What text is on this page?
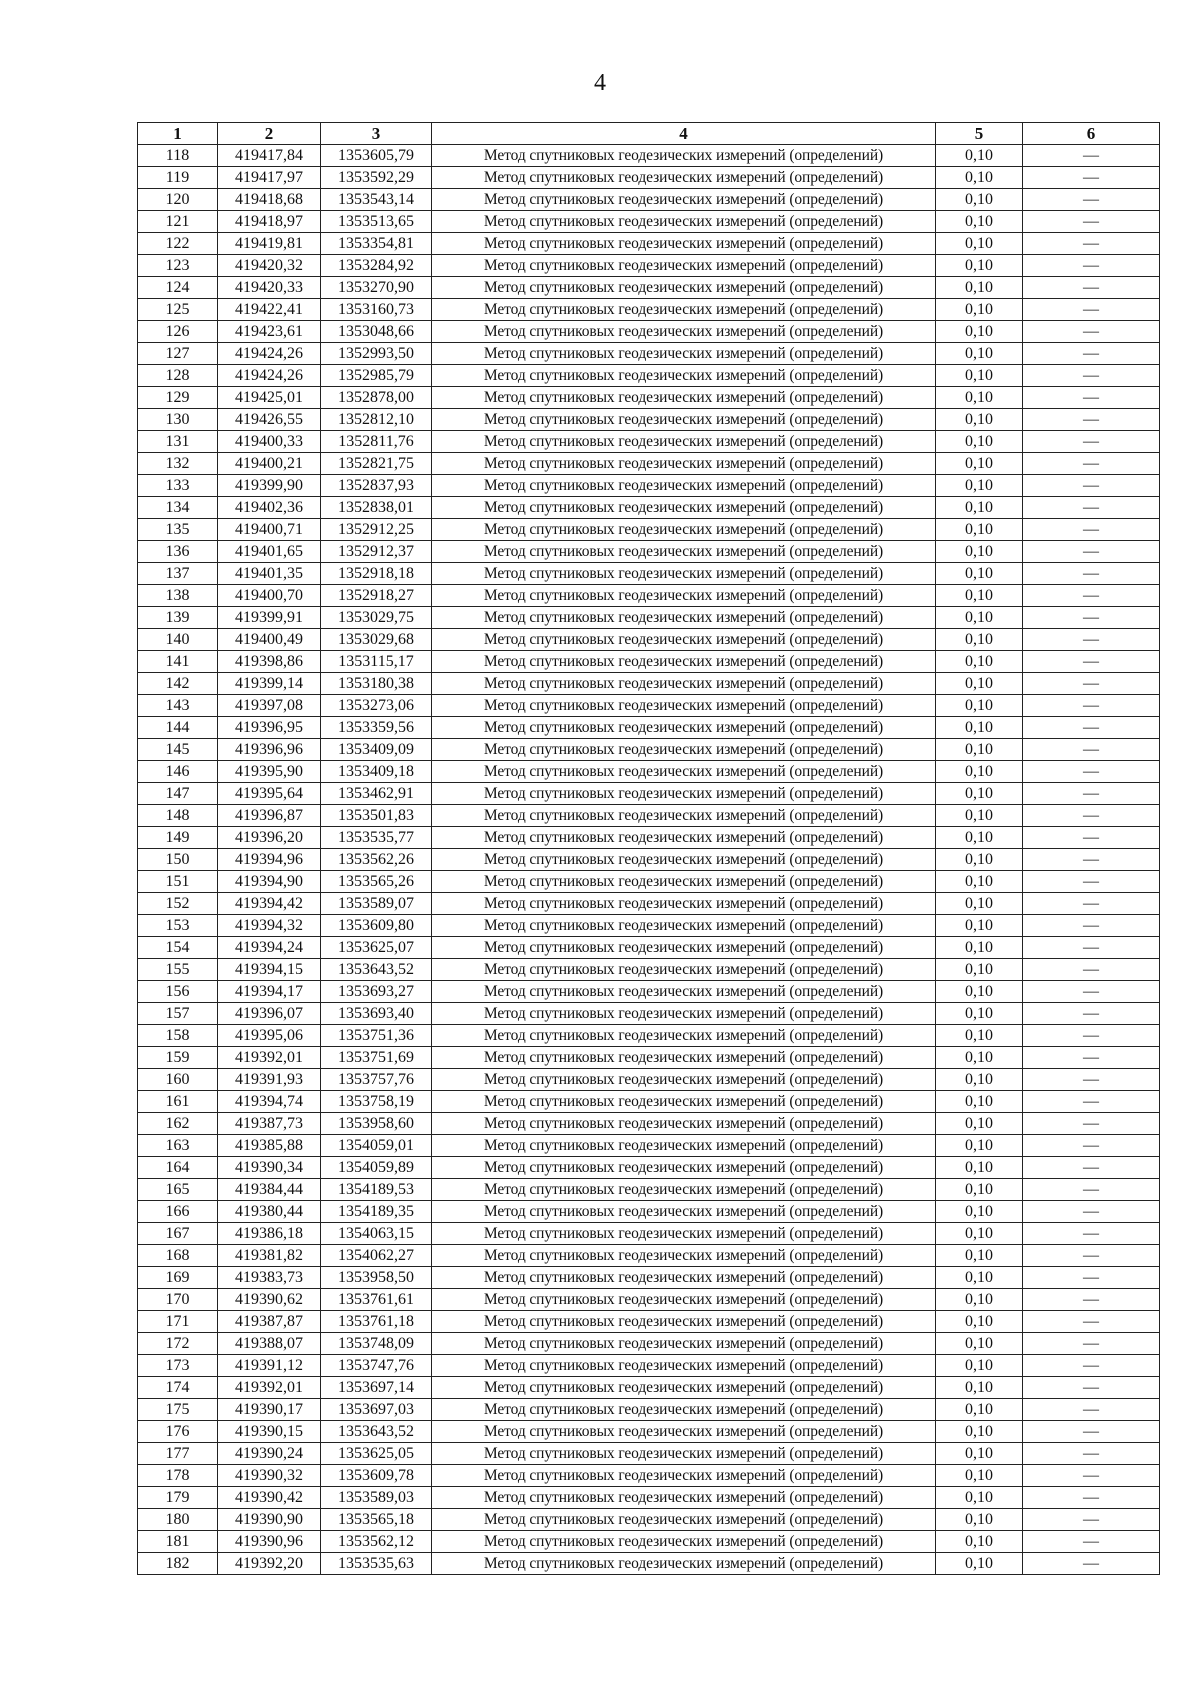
4
1	2	3	4	5	6
118	419417,84	1353605,79	Метод спутниковых геодезических измерений (определений)	0,10	—
119	419417,97	1353592,29	Метод спутниковых геодезических измерений (определений)	0,10	—
120	419418,68	1353543,14	Метод спутниковых геодезических измерений (определений)	0,10	—
121	419418,97	1353513,65	Метод спутниковых геодезических измерений (определений)	0,10	—
122	419419,81	1353354,81	Метод спутниковых геодезических измерений (определений)	0,10	—
123	419420,32	1353284,92	Метод спутниковых геодезических измерений (определений)	0,10	—
124	419420,33	1353270,90	Метод спутниковых геодезических измерений (определений)	0,10	—
125	419422,41	1353160,73	Метод спутниковых геодезических измерений (определений)	0,10	—
126	419423,61	1353048,66	Метод спутниковых геодезических измерений (определений)	0,10	—
127	419424,26	1352993,50	Метод спутниковых геодезических измерений (определений)	0,10	—
128	419424,26	1352985,79	Метод спутниковых геодезических измерений (определений)	0,10	—
129	419425,01	1352878,00	Метод спутниковых геодезических измерений (определений)	0,10	—
130	419426,55	1352812,10	Метод спутниковых геодезических измерений (определений)	0,10	—
131	419400,33	1352811,76	Метод спутниковых геодезических измерений (определений)	0,10	—
132	419400,21	1352821,75	Метод спутниковых геодезических измерений (определений)	0,10	—
133	419399,90	1352837,93	Метод спутниковых геодезических измерений (определений)	0,10	—
134	419402,36	1352838,01	Метод спутниковых геодезических измерений (определений)	0,10	—
135	419400,71	1352912,25	Метод спутниковых геодезических измерений (определений)	0,10	—
136	419401,65	1352912,37	Метод спутниковых геодезических измерений (определений)	0,10	—
137	419401,35	1352918,18	Метод спутниковых геодезических измерений (определений)	0,10	—
138	419400,70	1352918,27	Метод спутниковых геодезических измерений (определений)	0,10	—
139	419399,91	1353029,75	Метод спутниковых геодезических измерений (определений)	0,10	—
140	419400,49	1353029,68	Метод спутниковых геодезических измерений (определений)	0,10	—
141	419398,86	1353115,17	Метод спутниковых геодезических измерений (определений)	0,10	—
142	419399,14	1353180,38	Метод спутниковых геодезических измерений (определений)	0,10	—
143	419397,08	1353273,06	Метод спутниковых геодезических измерений (определений)	0,10	—
144	419396,95	1353359,56	Метод спутниковых геодезических измерений (определений)	0,10	—
145	419396,96	1353409,09	Метод спутниковых геодезических измерений (определений)	0,10	—
146	419395,90	1353409,18	Метод спутниковых геодезических измерений (определений)	0,10	—
147	419395,64	1353462,91	Метод спутниковых геодезических измерений (определений)	0,10	—
148	419396,87	1353501,83	Метод спутниковых геодезических измерений (определений)	0,10	—
149	419396,20	1353535,77	Метод спутниковых геодезических измерений (определений)	0,10	—
150	419394,96	1353562,26	Метод спутниковых геодезических измерений (определений)	0,10	—
151	419394,90	1353565,26	Метод спутниковых геодезических измерений (определений)	0,10	—
152	419394,42	1353589,07	Метод спутниковых геодезических измерений (определений)	0,10	—
153	419394,32	1353609,80	Метод спутниковых геодезических измерений (определений)	0,10	—
154	419394,24	1353625,07	Метод спутниковых геодезических измерений (определений)	0,10	—
155	419394,15	1353643,52	Метод спутниковых геодезических измерений (определений)	0,10	—
156	419394,17	1353693,27	Метод спутниковых геодезических измерений (определений)	0,10	—
157	419396,07	1353693,40	Метод спутниковых геодезических измерений (определений)	0,10	—
158	419395,06	1353751,36	Метод спутниковых геодезических измерений (определений)	0,10	—
159	419392,01	1353751,69	Метод спутниковых геодезических измерений (определений)	0,10	—
160	419391,93	1353757,76	Метод спутниковых геодезических измерений (определений)	0,10	—
161	419394,74	1353758,19	Метод спутниковых геодезических измерений (определений)	0,10	—
162	419387,73	1353958,60	Метод спутниковых геодезических измерений (определений)	0,10	—
163	419385,88	1354059,01	Метод спутниковых геодезических измерений (определений)	0,10	—
164	419390,34	1354059,89	Метод спутниковых геодезических измерений (определений)	0,10	—
165	419384,44	1354189,53	Метод спутниковых геодезических измерений (определений)	0,10	—
166	419380,44	1354189,35	Метод спутниковых геодезических измерений (определений)	0,10	—
167	419386,18	1354063,15	Метод спутниковых геодезических измерений (определений)	0,10	—
168	419381,82	1354062,27	Метод спутниковых геодезических измерений (определений)	0,10	—
169	419383,73	1353958,50	Метод спутниковых геодезических измерений (определений)	0,10	—
170	419390,62	1353761,61	Метод спутниковых геодезических измерений (определений)	0,10	—
171	419387,87	1353761,18	Метод спутниковых геодезических измерений (определений)	0,10	—
172	419388,07	1353748,09	Метод спутниковых геодезических измерений (определений)	0,10	—
173	419391,12	1353747,76	Метод спутниковых геодезических измерений (определений)	0,10	—
174	419392,01	1353697,14	Метод спутниковых геодезических измерений (определений)	0,10	—
175	419390,17	1353697,03	Метод спутниковых геодезических измерений (определений)	0,10	—
176	419390,15	1353643,52	Метод спутниковых геодезических измерений (определений)	0,10	—
177	419390,24	1353625,05	Метод спутниковых геодезических измерений (определений)	0,10	—
178	419390,32	1353609,78	Метод спутниковых геодезических измерений (определений)	0,10	—
179	419390,42	1353589,03	Метод спутниковых геодезических измерений (определений)	0,10	—
180	419390,90	1353565,18	Метод спутниковых геодезических измерений (определений)	0,10	—
181	419390,96	1353562,12	Метод спутниковых геодезических измерений (определений)	0,10	—
182	419392,20	1353535,63	Метод спутниковых геодезических измерений (определений)	0,10	—
